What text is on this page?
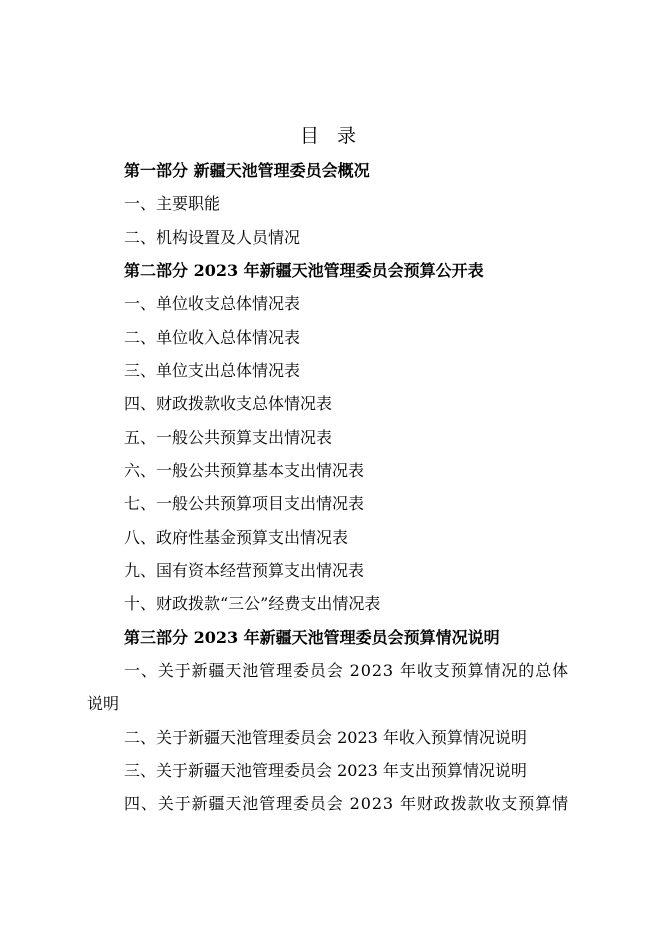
目 录
第一部分 新疆天池管理委员会概况
一、主要职能
二、机构设置及人员情况
第二部分 2023 年新疆天池管理委员会预算公开表
一、单位收支总体情况表
二、单位收入总体情况表
三、单位支出总体情况表
四、财政拨款收支总体情况表
五、一般公共预算支出情况表
六、一般公共预算基本支出情况表
七、一般公共预算项目支出情况表
八、政府性基金预算支出情况表
九、国有资本经营预算支出情况表
十、财政拨款“三公”经费支出情况表
第三部分 2023 年新疆天池管理委员会预算情况说明
一、关于新疆天池管理委员会 2023 年收支预算情况的总体
说明
二、关于新疆天池管理委员会 2023 年收入预算情况说明
三、关于新疆天池管理委员会 2023 年支出预算情况说明
四、关于新疆天池管理委员会 2023 年财政拨款收支预算情
